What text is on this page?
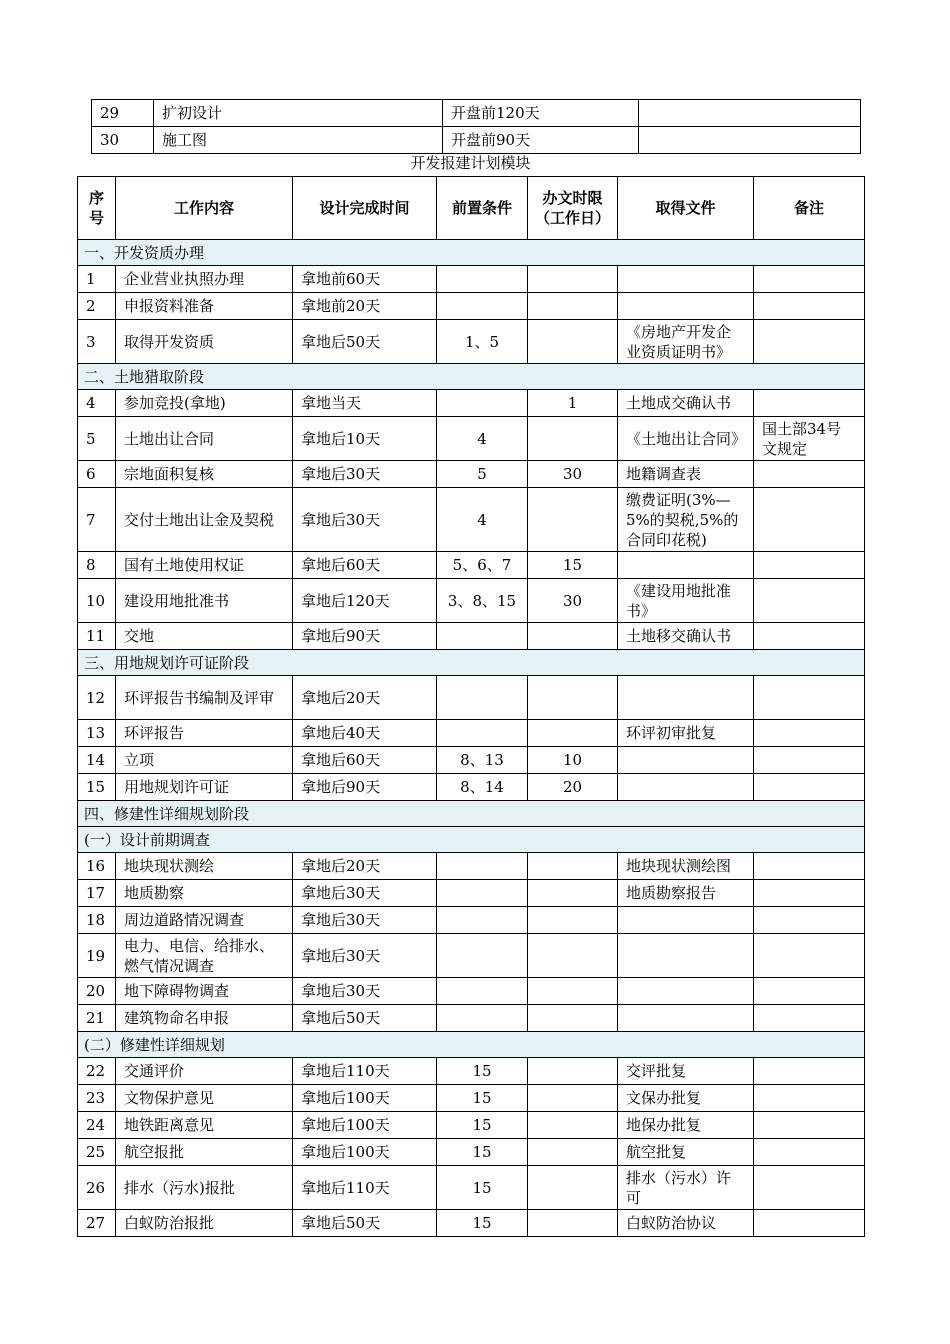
29	扩初设计	开盘前120天	
30	施工图	开盘前90天	
开发报建计划模块
序号	工作内容	设计完成时间	前置条件	办文时限（工作日）	取得文件	备注
一、开发资质办理						
1	企业营业执照办理	拿地前60天				
2	申报资料准备	拿地前20天				
3	取得开发资质	拿地后50天	1、5		《房地产开发企业资质证明书》	
二、土地猎取阶段						
4	参加竞投(拿地)	拿地当天		1	土地成交确认书	
5	土地出让合同	拿地后10天	4		《土地出让合同》	国土部34号文规定
6	宗地面积复核	拿地后30天	5	30	地籍调查表	
7	交付土地出让金及契税	拿地后30天	4		缴费证明(3%—5%的契税,5%的合同印花税)	
8	国有土地使用权证	拿地后60天	5、6、7	15		
10	建设用地批准书	拿地后120天	3、8、15	30	《建设用地批准书》	
11	交地	拿地后90天			土地移交确认书	
三、用地规划许可证阶段						
12	环评报告书编制及评审	拿地后20天				
13	环评报告	拿地后40天			环评初审批复	
14	立项	拿地后60天	8、13	10		
15	用地规划许可证	拿地后90天	8、14	20		
四、修建性详细规划阶段						
(一）设计前期调查						
16	地块现状测绘	拿地后20天			地块现状测绘图	
17	地质勘察	拿地后30天			地质勘察报告	
18	周边道路情况调查	拿地后30天				
19	电力、电信、给排水、燃气情况调查	拿地后30天				
20	地下障碍物调查	拿地后30天				
21	建筑物命名申报	拿地后50天				
(二）修建性详细规划						
22	交通评价	拿地后110天	15		交评批复	
23	文物保护意见	拿地后100天	15		文保办批复	
24	地铁距离意见	拿地后100天	15		地保办批复	
25	航空报批	拿地后100天	15		航空批复	
26	排水（污水)报批	拿地后110天	15		排水（污水）许可	
27	白蚁防治报批	拿地后50天	15		白蚁防治协议	
